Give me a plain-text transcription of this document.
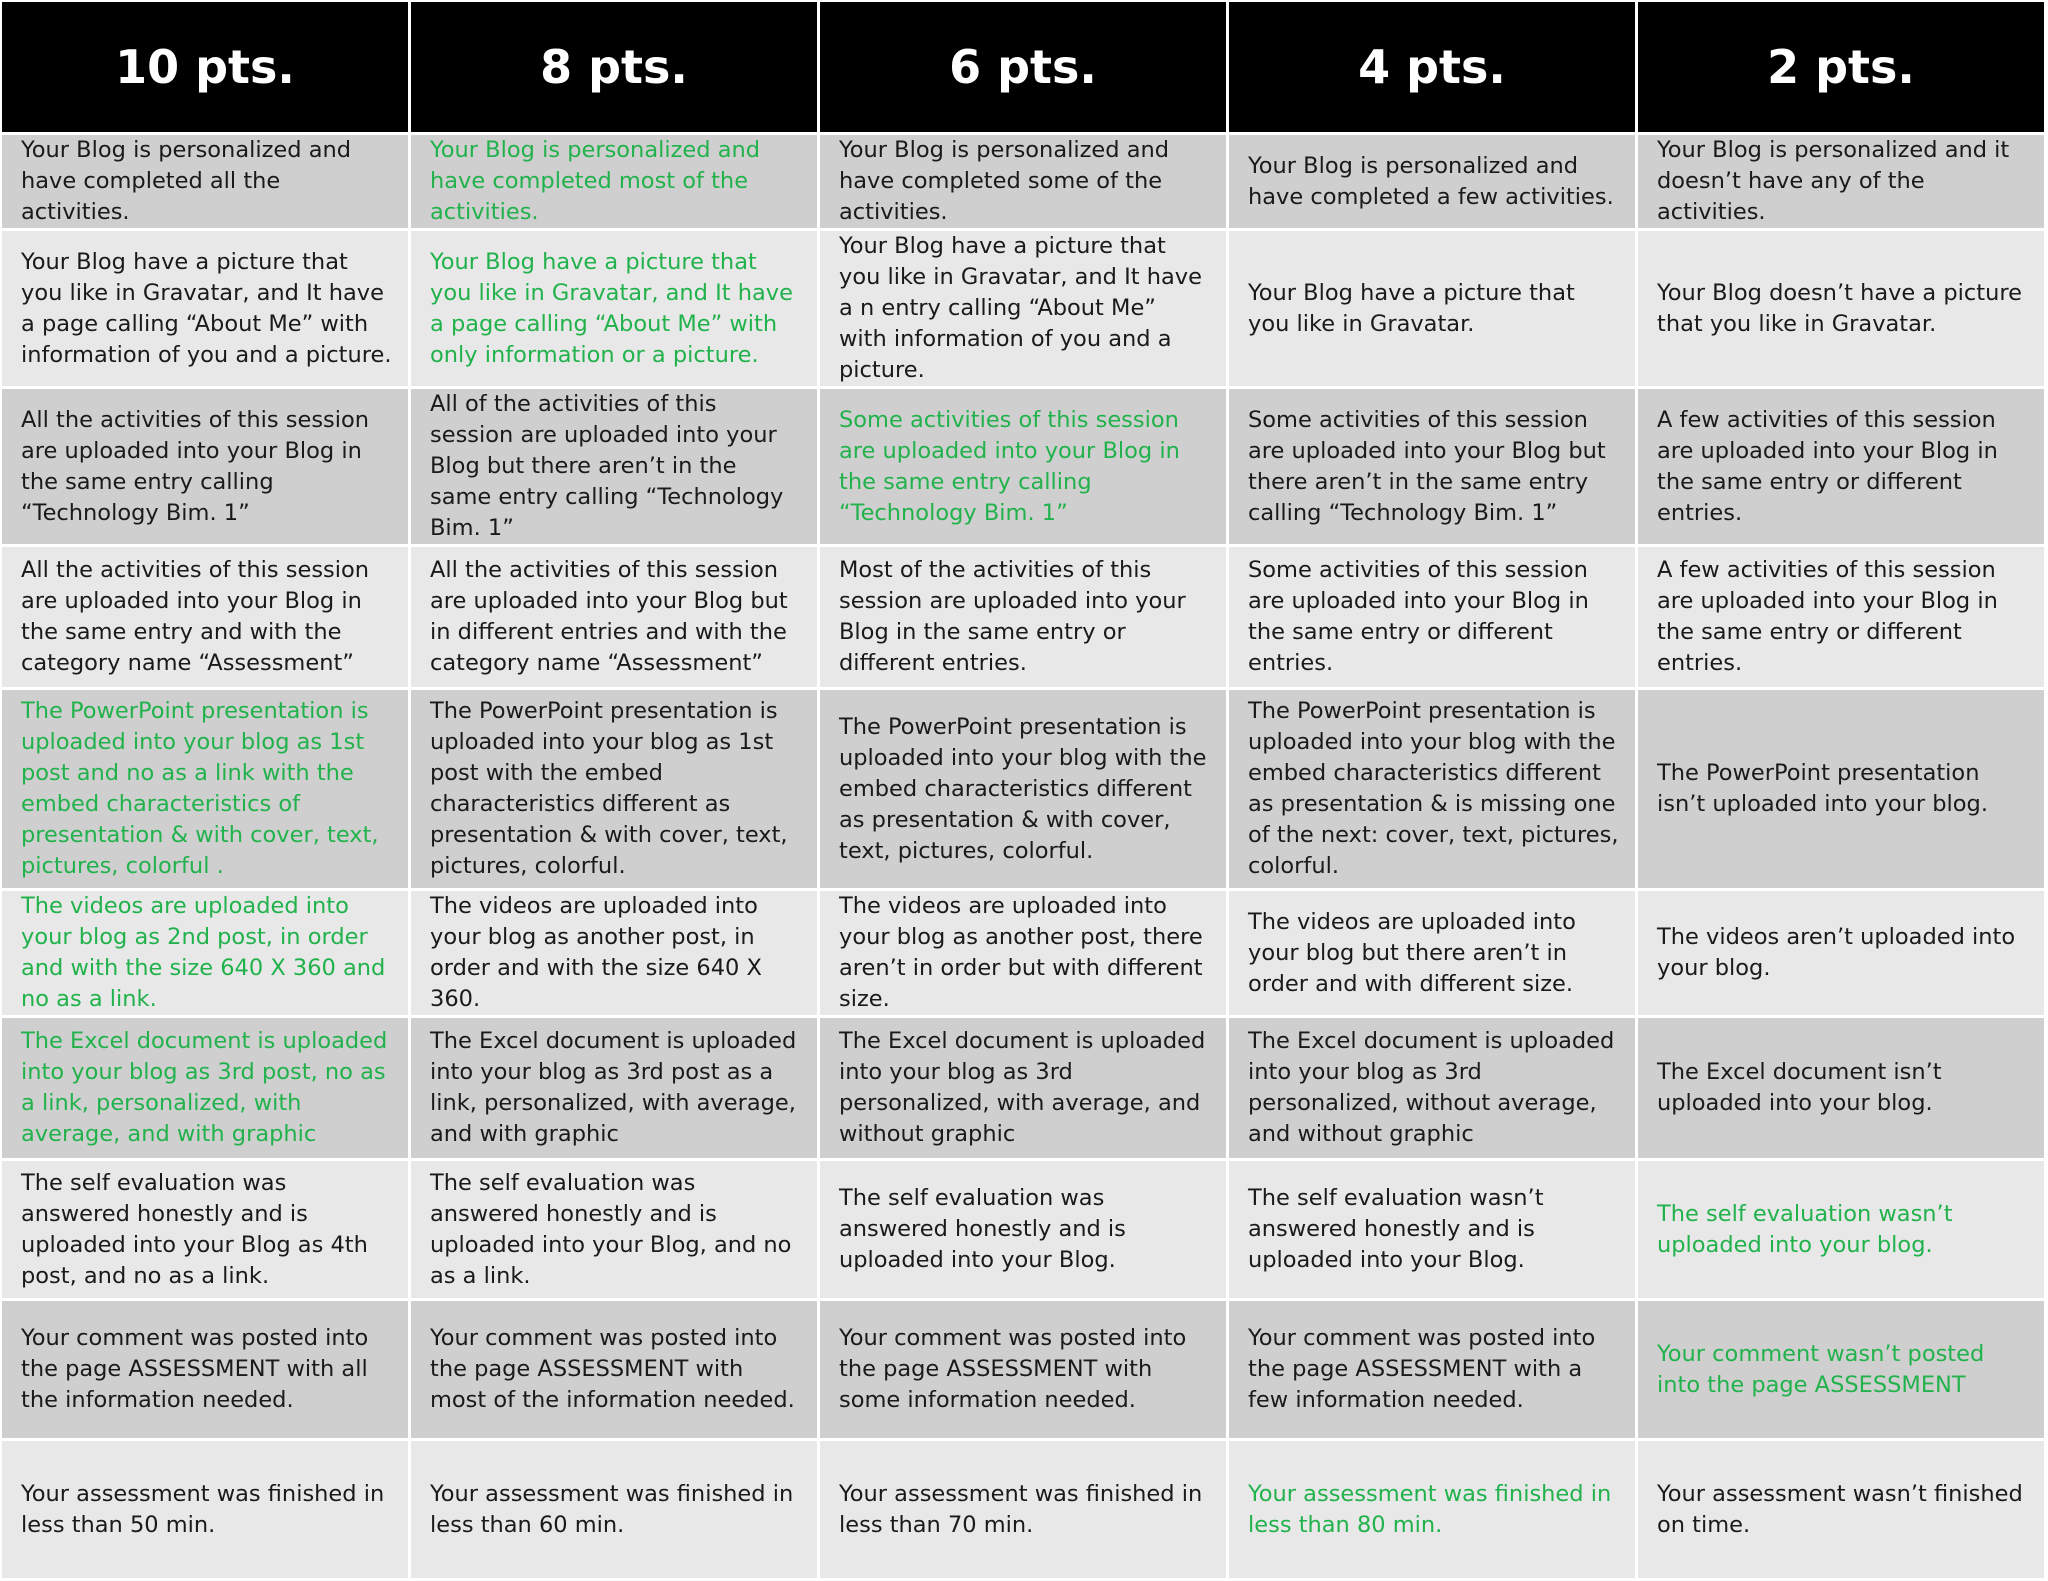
10 pts.	8 pts.	6 pts.	4 pts.	2 pts.
Your Blog is personalized and have completed all the activities.	Your Blog is personalized and have completed most of the activities.	Your Blog is personalized and have completed some of the activities.	Your Blog is personalized and have completed a few activities.	Your Blog is personalized and it doesn’t have any of the activities.
Your Blog have a picture that you like in Gravatar, and It have a page calling “About Me” with information of you and a picture.	Your Blog have a picture that you like in Gravatar, and It have a page calling “About Me” with only information or a picture.	Your Blog have a picture that you like in Gravatar, and It have a n entry calling “About Me” with information of you and a picture.	Your Blog have a picture that you like in Gravatar.	Your Blog doesn’t have a picture that you like in Gravatar.
All the activities of this session are uploaded into your Blog in the same entry calling “Technology Bim. 1”	All of the activities of this session are uploaded into your Blog but there aren’t in the same entry calling “Technology Bim. 1”	Some activities of this session are uploaded into your Blog in the same entry calling “Technology Bim. 1”	Some activities of this session are uploaded into your Blog but there aren’t in the same entry calling “Technology Bim. 1”	A few activities of this session are uploaded into your Blog in the same entry or different entries.
All the activities of this session are uploaded into your Blog in the same entry and with the category name “Assessment”	All the activities of this session are uploaded into your Blog but in different entries and with the category name “Assessment”	Most of the activities of this session are uploaded into your Blog in the same entry or different entries.	Some activities of this session are uploaded into your Blog in the same entry or different entries.	A few activities of this session are uploaded into your Blog in the same entry or different entries.
The PowerPoint presentation is uploaded into your blog as 1st post and no as a link with the embed characteristics of presentation & with cover, text, pictures, colorful .	The PowerPoint presentation is uploaded into your blog as 1st post with the embed characteristics different as presentation & with cover, text, pictures, colorful.	The PowerPoint presentation is uploaded into your blog with the embed characteristics different as presentation & with cover, text, pictures, colorful.	The PowerPoint presentation is uploaded into your blog with the embed characteristics different as presentation & is missing one of the next: cover, text, pictures, colorful.	The PowerPoint presentation isn’t uploaded into your blog.
The videos are uploaded into your blog as 2nd post, in order and with the size 640 X 360 and no as a link.	The videos are uploaded into your blog as another post, in order and with the size 640 X 360.	The videos are uploaded into your blog as another post, there aren’t in order but with different size.	The videos are uploaded into your blog but there aren’t in order and with different size.	The videos aren’t uploaded into your blog.
The Excel document is uploaded into your blog as 3rd post, no as a link, personalized, with average, and with graphic	The Excel document is uploaded into your blog as 3rd post as a link, personalized, with average, and with graphic	The Excel document is uploaded into your blog as 3rd personalized, with average, and without graphic	The Excel document is uploaded into your blog as 3rd personalized, without average, and without graphic	The Excel document isn’t uploaded into your blog.
The self evaluation was answered honestly and is uploaded into your Blog as 4th post, and no as a link.	The self evaluation was answered honestly and is uploaded into your Blog, and no as a link.	The self evaluation was answered honestly and is uploaded into your Blog.	The self evaluation wasn’t answered honestly and is uploaded into your Blog.	The self evaluation wasn’t uploaded into your blog.
Your comment was posted into the page ASSESSMENT with all the information needed.	Your comment was posted into the page ASSESSMENT with most of the information needed.	Your comment was posted into the page ASSESSMENT with some information needed.	Your comment was posted into the page ASSESSMENT with a few information needed.	Your comment wasn’t posted into the page ASSESSMENT
Your assessment was finished in less than 50 min.	Your assessment was finished in less than 60 min.	Your assessment was finished in less than 70 min.	Your assessment was finished in less than 80 min.	Your assessment wasn’t finished on time.
